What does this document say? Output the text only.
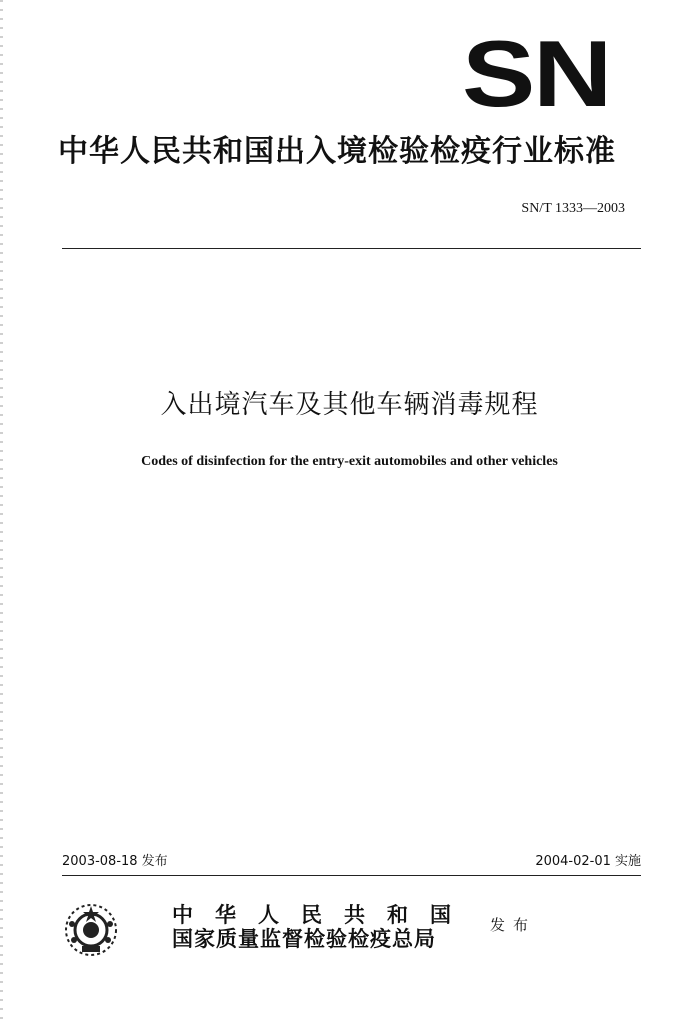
SN
中华人民共和国出入境检验检疫行业标准
SN/T 1333—2003
入出境汽车及其他车辆消毒规程
Codes of disinfection for the entry-exit automobiles and other vehicles
2003-08-18 发布	2004-02-01 实施
中华人民共和国
国家质量监督检验检疫总局
发布
